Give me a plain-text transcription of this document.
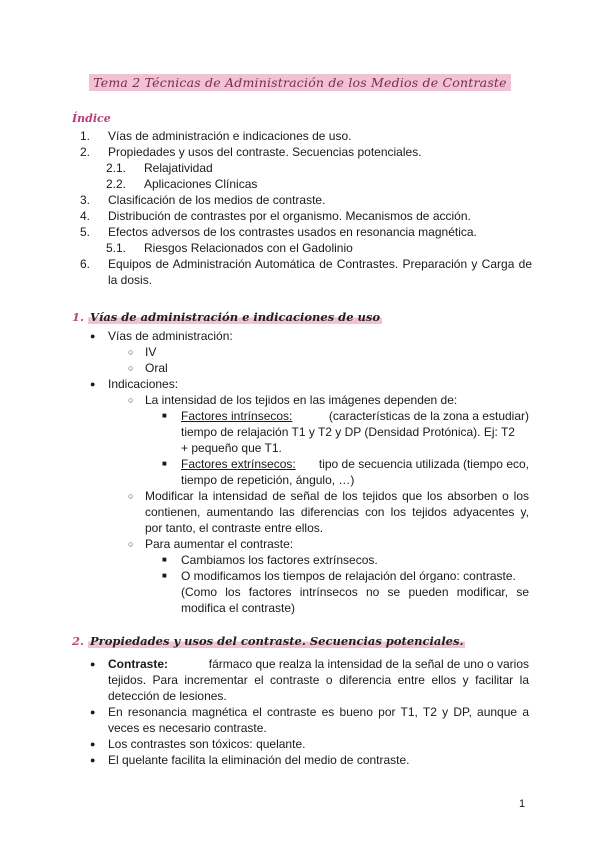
Tema 2 Técnicas de Administración de los Medios de Contraste
Índice
1. Vías de administración e indicaciones de uso.
2. Propiedades y usos del contraste. Secuencias potenciales.
2.1. Relajatividad
2.2. Aplicaciones Clínicas
3. Clasificación de los medios de contraste.
4. Distribución de contrastes por el organismo. Mecanismos de acción.
5. Efectos adversos de los contrastes usados en resonancia magnética.
5.1. Riesgos Relacionados con el Gadolinio
6. Equipos de Administración Automática de Contrastes. Preparación y Carga de la dosis.
1. Vías de administración e indicaciones de uso
● Vías de administración:
○ IV
○ Oral
● Indicaciones:
○ La intensidad de los tejidos en las imágenes dependen de:
■ Factores intrínsecos:	(características de la zona a estudiar)
tiempo de relajación T1 y T2 y DP (Densidad Protónica). Ej: T2
+ pequeño que T1.
■ Factores extrínsecos: tipo de secuencia utilizada (tiempo eco,
tiempo de repetición, ángulo, …)
○ Modificar la intensidad de señal de los tejidos que los absorben o los
contienen, aumentando las diferencias con los tejidos adyacentes y,
por tanto, el contraste entre ellos.
○ Para aumentar el contraste:
■ Cambiamos los factores extrínsecos.
■ O modificamos los tiempos de relajación del órgano: contraste.
(Como los factores intrínsecos no se pueden modificar, se
modifica el contraste)
2. Propiedades y usos del contraste. Secuencias potenciales.
● Contraste:	fármaco que realza la intensidad de la señal de uno o varios
tejidos. Para incrementar el contraste o diferencia entre ellos y facilitar la
detección de lesiones.
● En resonancia magnética el contraste es bueno por T1, T2 y DP, aunque a
veces es necesario contraste.
● Los contrastes son tóxicos: quelante.
● El quelante facilita la eliminación del medio de contraste.
1
